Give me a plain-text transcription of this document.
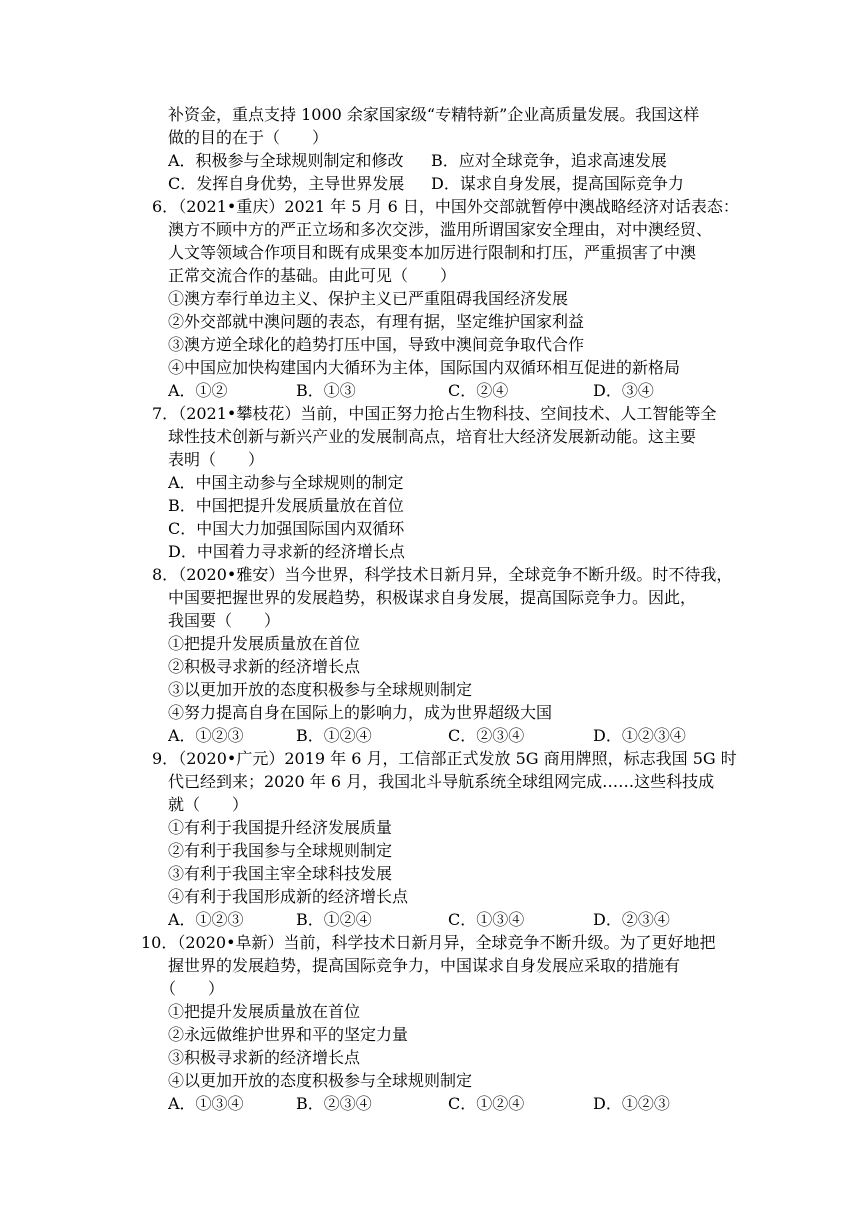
补资金，重点支持 1000 余家国家级“专精特新”企业高质量发展。我国这样
做的目的在于（　　）
A．积极参与全球规则制定和修改 B．应对全球竞争，追求高速发展
C．发挥自身优势，主导世界发展 D．谋求自身发展，提高国际竞争力
6．（2021•重庆）2021 年 5 月 6 日，中国外交部就暂停中澳战略经济对话表态：
澳方不顾中方的严正立场和多次交涉，滥用所谓国家安全理由，对中澳经贸、
人文等领域合作项目和既有成果变本加厉进行限制和打压，严重损害了中澳
正常交流合作的基础。由此可见（　　）
①澳方奉行单边主义、保护主义已严重阻碍我国经济发展
②外交部就中澳问题的表态，有理有据，坚定维护国家利益
③澳方逆全球化的趋势打压中国，导致中澳间竞争取代合作
④中国应加快构建国内大循环为主体，国际国内双循环相互促进的新格局
A．①②	B．①③	C．②④	D．③④
7．（2021•攀枝花）当前，中国正努力抢占生物科技、空间技术、人工智能等全
球性技术创新与新兴产业的发展制高点，培育壮大经济发展新动能。这主要
表明（　　）
A．中国主动参与全球规则的制定
B．中国把提升发展质量放在首位
C．中国大力加强国际国内双循环
D．中国着力寻求新的经济增长点
8．（2020•雅安）当今世界，科学技术日新月异，全球竞争不断升级。时不待我，
中国要把握世界的发展趋势，积极谋求自身发展，提高国际竞争力。因此，
我国要（　　）
①把提升发展质量放在首位
②积极寻求新的经济增长点
③以更加开放的态度积极参与全球规则制定
④努力提高自身在国际上的影响力，成为世界超级大国
A．①②③	B．①②④	C．②③④	D．①②③④
9．（2020•广元）2019 年 6 月，工信部正式发放 5G 商用牌照，标志我国 5G 时
代已经到来；2020 年 6 月，我国北斗导航系统全球组网完成……这些科技成
就（　　）
①有利于我国提升经济发展质量
②有利于我国参与全球规则制定
③有利于我国主宰全球科技发展
④有利于我国形成新的经济增长点
A．①②③	B．①②④	C．①③④	D．②③④
10．（2020•阜新）当前，科学技术日新月异，全球竞争不断升级。为了更好地把
握世界的发展趋势，提高国际竞争力，中国谋求自身发展应采取的措施有
（　　）
①把提升发展质量放在首位
②永远做维护世界和平的坚定力量
③积极寻求新的经济增长点
④以更加开放的态度积极参与全球规则制定
A．①③④	B．②③④	C．①②④	D．①②③
